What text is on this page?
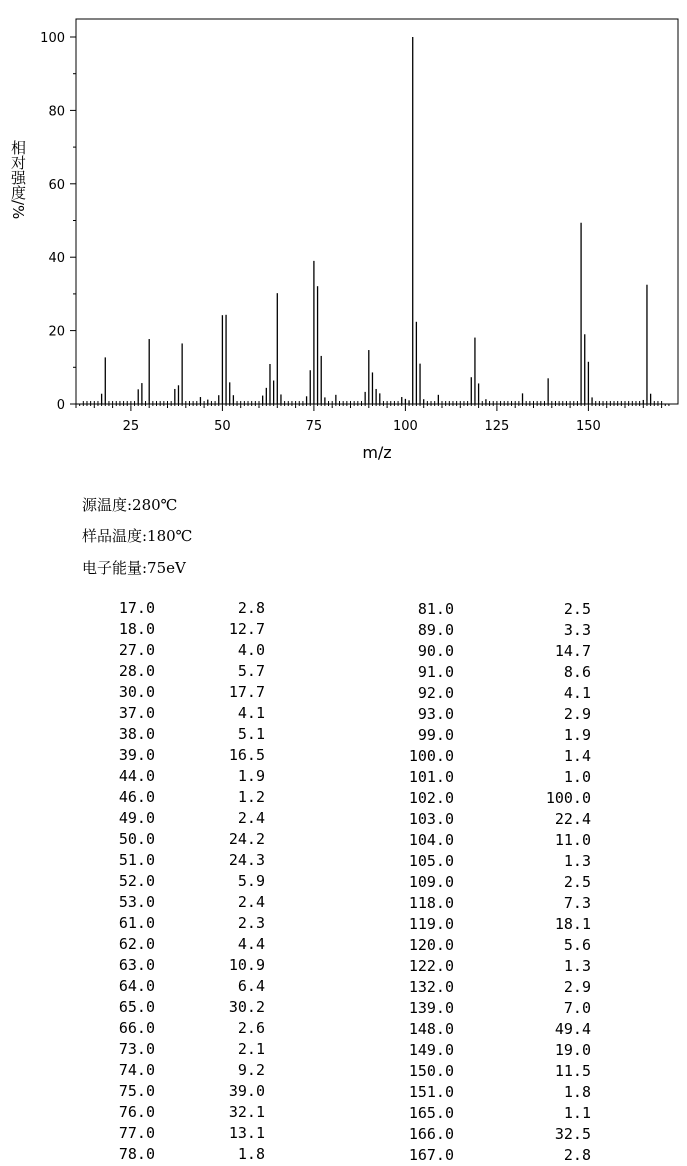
25	50	75	100	125	150
0
20
40
60
80
100
m/z
相对强度/%
源温度:280℃
样品温度:180℃
电子能量:75eV
17.0	2.8
18.0	12.7
27.0	4.0
28.0	5.7
30.0	17.7
37.0	4.1
38.0	5.1
39.0	16.5
44.0	1.9
46.0	1.2
49.0	2.4
50.0	24.2
51.0	24.3
52.0	5.9
53.0	2.4
61.0	2.3
62.0	4.4
63.0	10.9
64.0	6.4
65.0	30.2
66.0	2.6
73.0	2.1
74.0	9.2
75.0	39.0
76.0	32.1
77.0	13.1
78.0	1.8
81.0	2.5
89.0	3.3
90.0	14.7
91.0	8.6
92.0	4.1
93.0	2.9
99.0	1.9
100.0	1.4
101.0	1.0
102.0	100.0
103.0	22.4
104.0	11.0
105.0	1.3
109.0	2.5
118.0	7.3
119.0	18.1
120.0	5.6
122.0	1.3
132.0	2.9
139.0	7.0
148.0	49.4
149.0	19.0
150.0	11.5
151.0	1.8
165.0	1.1
166.0	32.5
167.0	2.8
